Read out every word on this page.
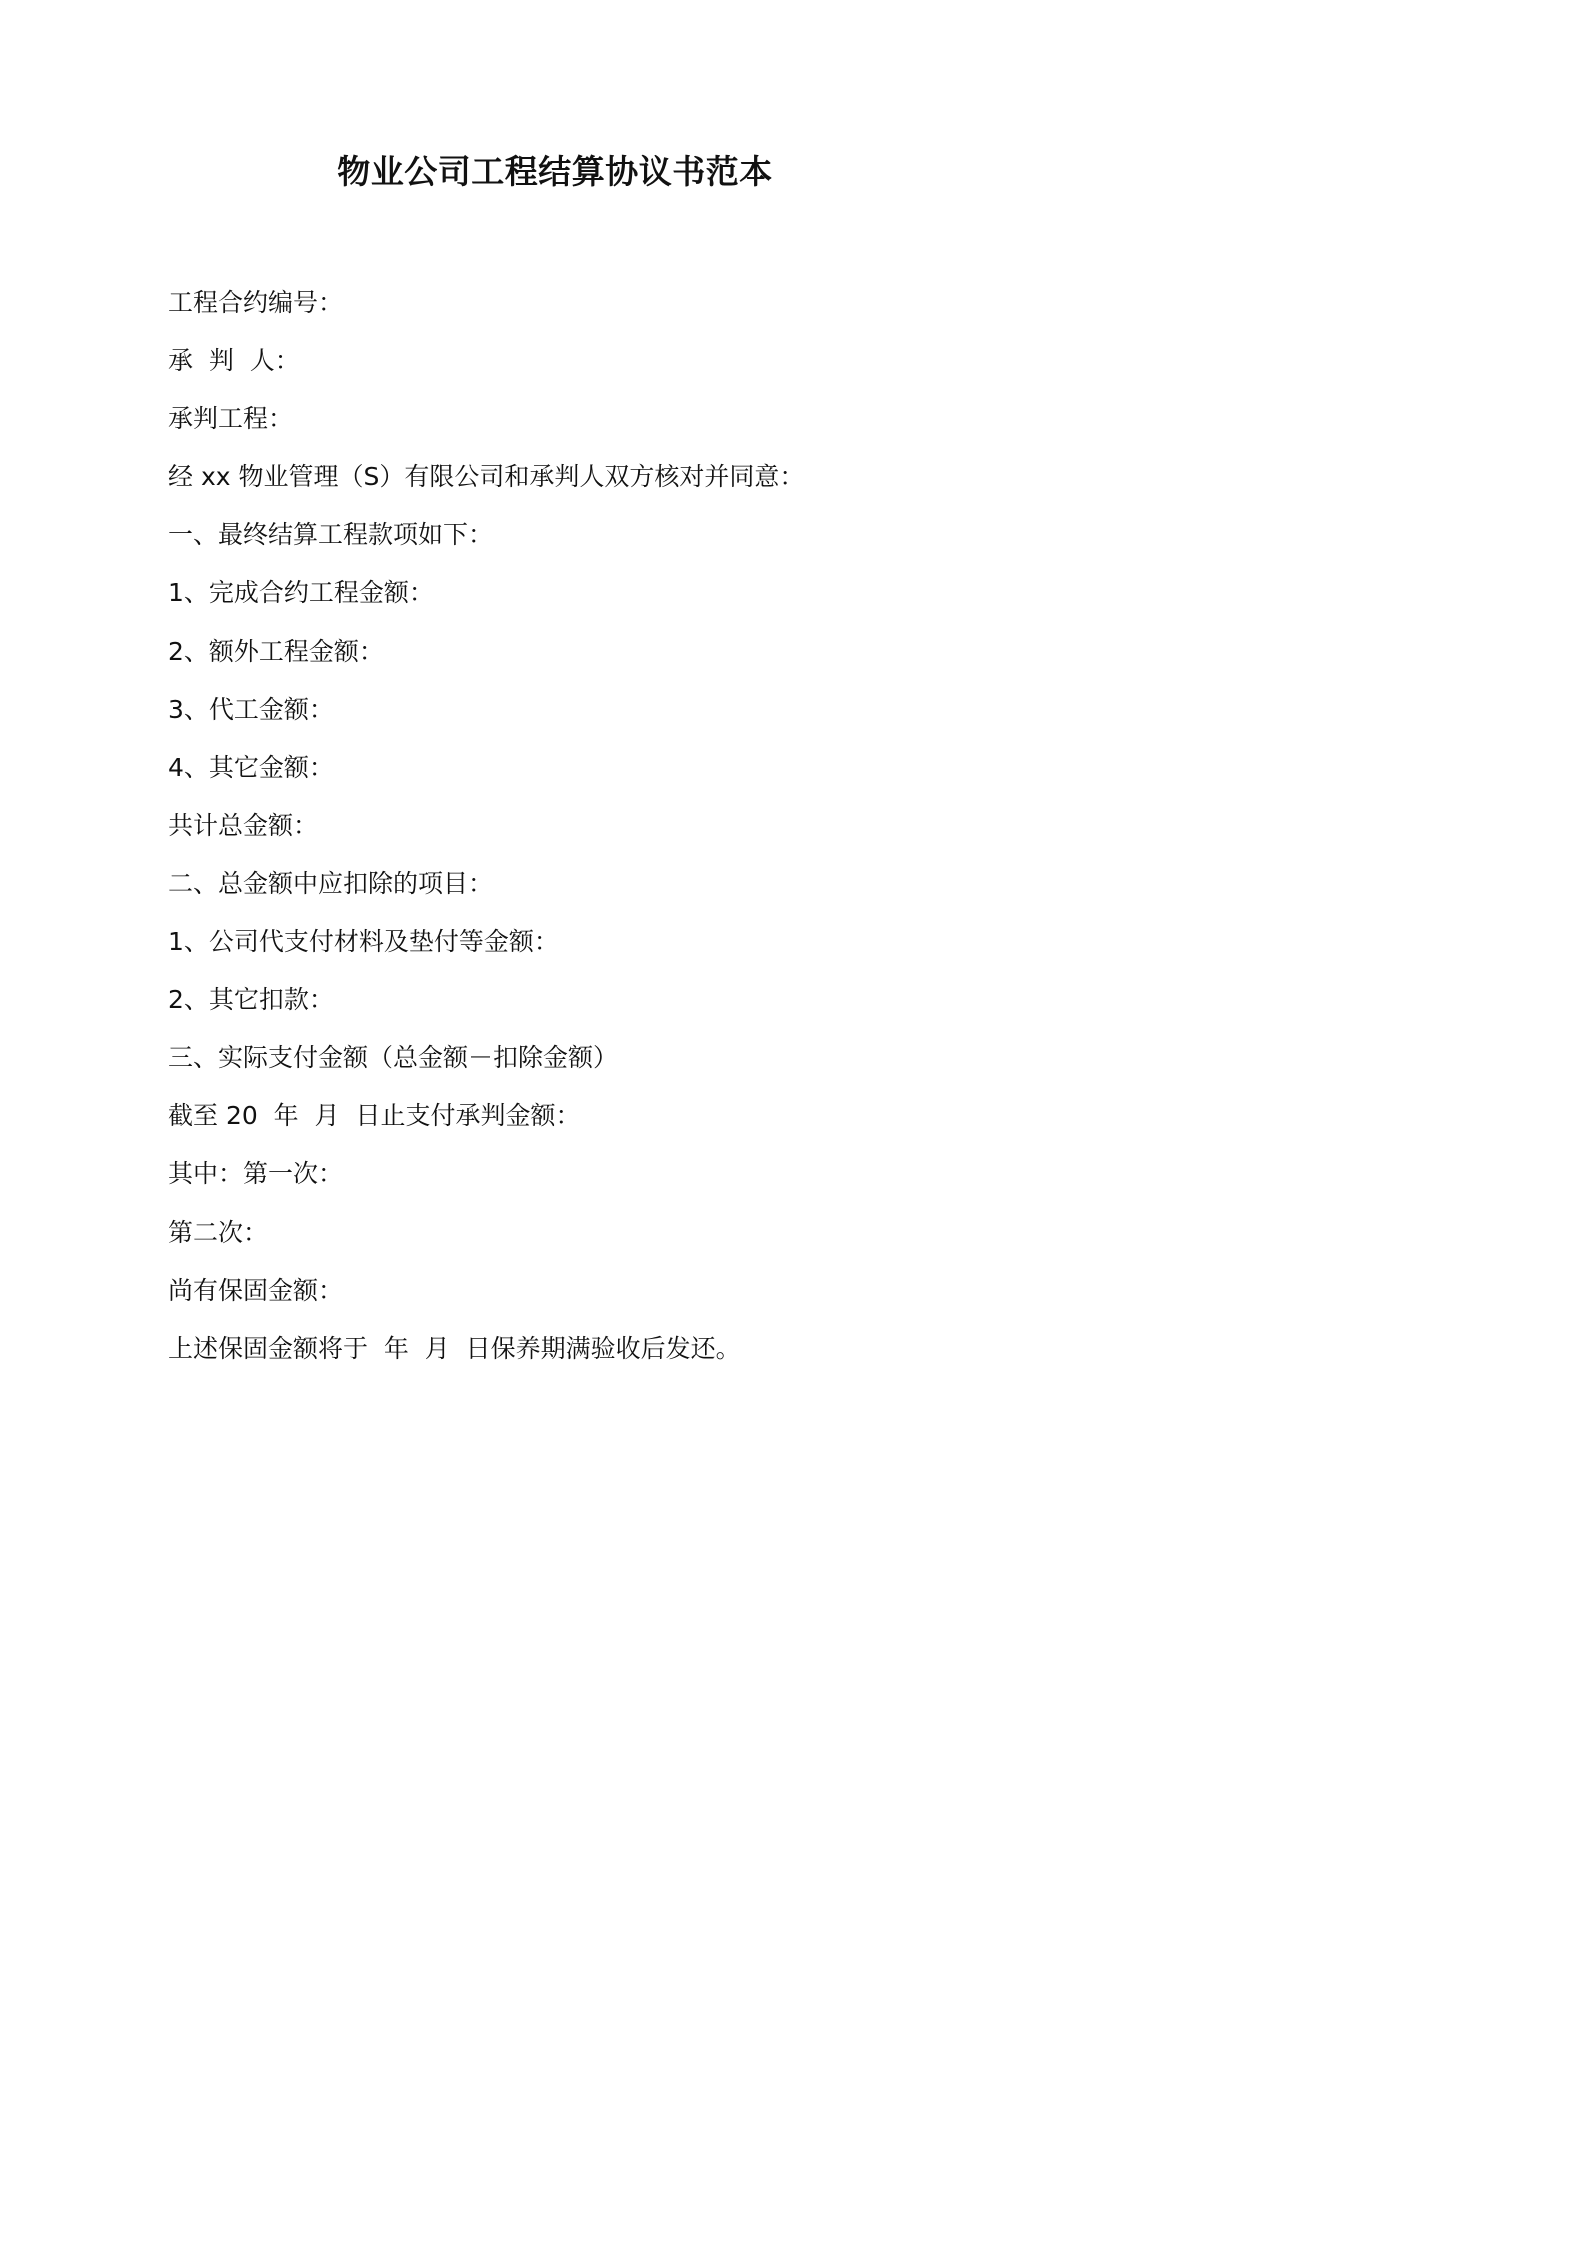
物业公司工程结算协议书范本
工程合约编号：
承  判  人：
承判工程：
经 xx 物业管理（S）有限公司和承判人双方核对并同意：
一、最终结算工程款项如下：
1、完成合约工程金额：
2、额外工程金额：
3、代工金额：
4、其它金额：
共计总金额：
二、总金额中应扣除的项目：
1、公司代支付材料及垫付等金额：
2、其它扣款：
三、实际支付金额（总金额－扣除金额）
截至 20  年  月  日止支付承判金额：
其中：第一次：
第二次：
尚有保固金额：
上述保固金额将于  年  月  日保养期满验收后发还。
